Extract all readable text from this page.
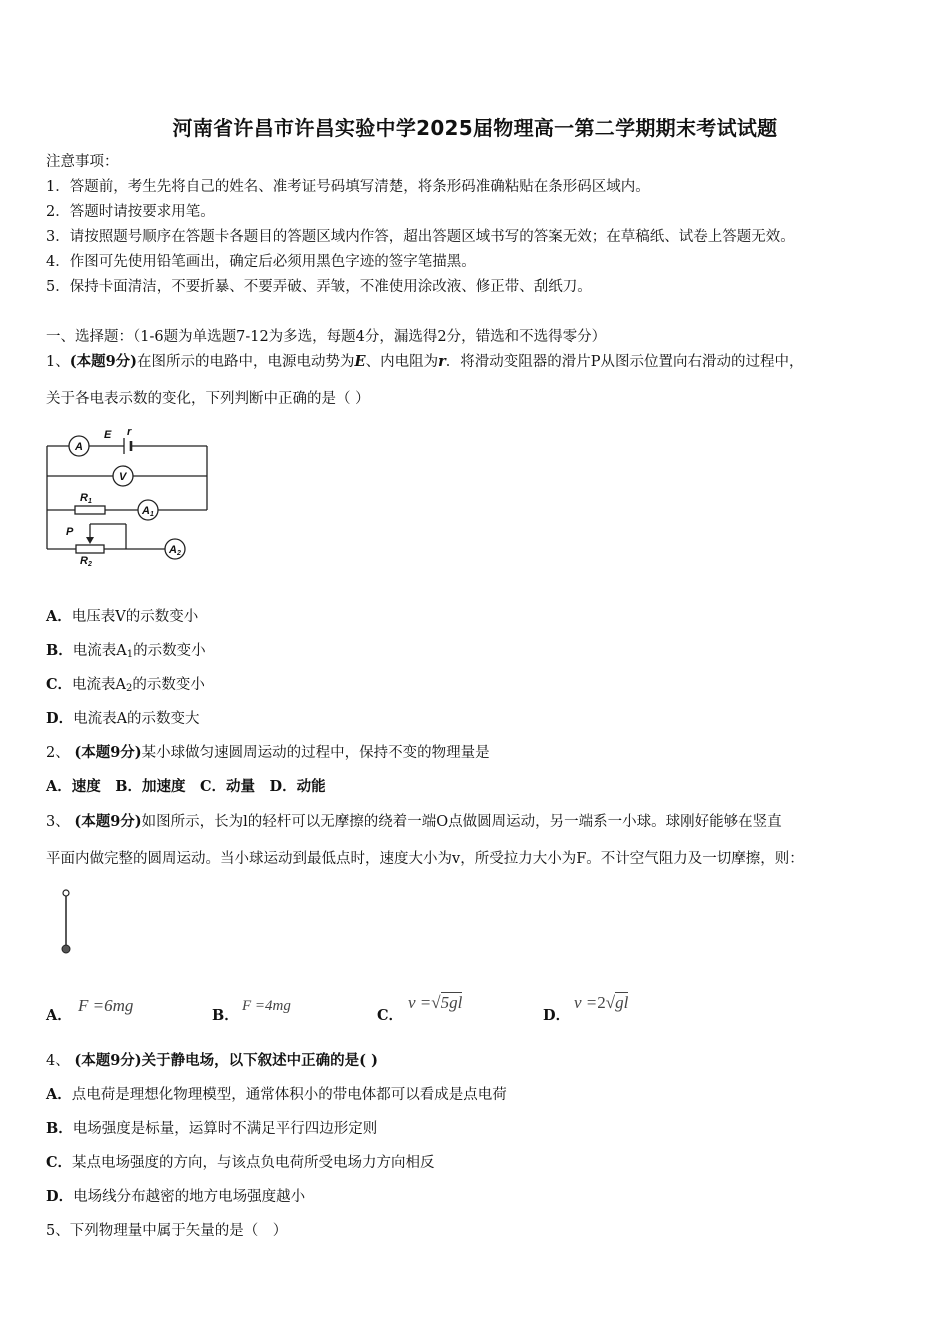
河南省许昌市许昌实验中学2025届物理高一第二学期期末考试试题
注意事项：
1．答题前，考生先将自己的姓名、准考证号码填写清楚，将条形码准确粘贴在条形码区域内。
2．答题时请按要求用笔。
3．请按照题号顺序在答题卡各题目的答题区域内作答，超出答题区域书写的答案无效；在草稿纸、试卷上答题无效。
4．作图可先使用铅笔画出，确定后必须用黑色字迹的签字笔描黑。
5．保持卡面清洁，不要折暴、不要弄破、弄皱，不准使用涂改液、修正带、刮纸刀。
一、选择题：（1-6题为单选题7-12为多选，每题4分，漏选得2分，错选和不选得零分）
1、(本题9分)在图所示的电路中，电源电动势为E、内电阻为r．将滑动变阻器的滑片P从图示位置向右滑动的过程中，
关于各电表示数的变化，下列判断中正确的是（ ）
A
E r
V
R1
A1
P
R2
A2
A．电压表V的示数变小
B．电流表$A_1$的示数变小
C．电流表$A_2$的示数变小
D．电流表A的示数变大
2、 (本题9分)某小球做匀速圆周运动的过程中，保持不变的物理量是
A．速度　B．加速度　C．动量　D．动能
3、 (本题9分)如图所示，长为l的轻杆可以无摩擦的绕着一端O点做圆周运动，另一端系一小球。球刚好能够在竖直
平面内做完整的圆周运动。当小球运动到最低点时，速度大小为v，所受拉力大小为F。不计空气阻力及一切摩擦，则：
A．
F =6mg
B．
F =4mg
C．
v =√5gl
D．
v =2√gl
4、 (本题9分)关于静电场，以下叙述中正确的是( )
A．点电荷是理想化物理模型，通常体积小的带电体都可以看成是点电荷
B．电场强度是标量，运算时不满足平行四边形定则
C．某点电场强度的方向，与该点负电荷所受电场力方向相反
D．电场线分布越密的地方电场强度越小
5、下列物理量中属于矢量的是（　）
